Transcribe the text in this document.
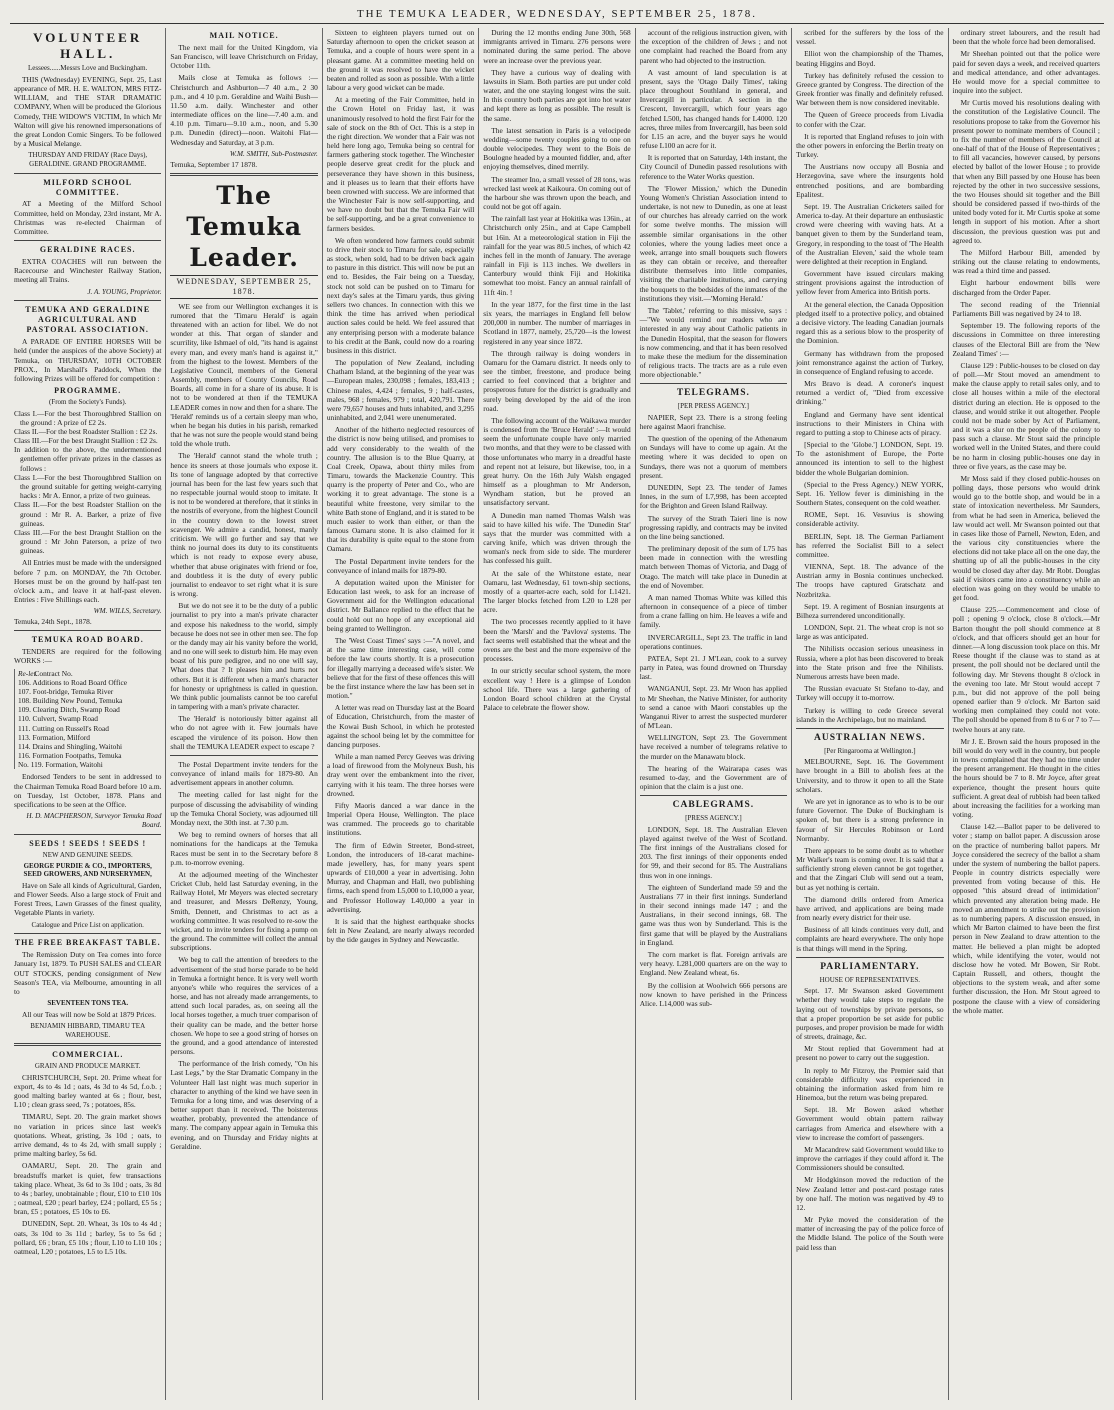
THE TEMUKA LEADER, WEDNESDAY, SEPTEMBER 25, 1878.
VOLUNTEER HALL.
Lessees......Messrs Love and Buckingham.

THIS (Wednesday) EVENING, Sept. 25, Last appearance of MR. H. E. WALTON, MRS FITZ-WILLIAM, and THE STAR DRAMATIC COMPANY, When will be produced the Glorious Comedy, THE WIDOW'S VICTIM, In which Mr Walton will give his renowned impersonations of the great London Comic Singers. To be followed by a Musical Melange.

THURSDAY AND FRIDAY (Race Days), GERALDINE. GRAND PROGRAMME.
MILFORD SCHOOL COMMITTEE.

AT a Meeting of the Milford School Committee, held on Monday, 23rd instant, Mr A. Christmas was re-elected Chairman of Committee.

GERALDINE RACES.

EXTRA COACHES will run between the Racecourse and Winchester Railway Station, meeting all Trains.

J. A. YOUNG, Proprietor.
TEMUKA AND GERALDINE AGRICULTURAL AND PASTORAL ASSOCIATION.

A PARADE OF ENTIRE HORSES Will be held (under the auspices of the above Society) at Temuka, on THURSDAY, 10TH OCTOBER PROX., In Marshall's Paddock, When the following Prizes will be offered for competition :

PROGRAMME.
(From the Society's Funds).
Class I.—For the best Thoroughbred Stallion on the ground : A prize of £2 2s.
Class II.—For the best Roadster Stallion : £2 2s.
Class III.—For the best Draught Stallion : £2 2s.
In addition to the above, the undermentioned gentlemen offer private prizes in the classes as follows :
Class I.—For the best Thoroughbred Stallion on the ground suitable for getting weight-carrying hacks : Mr A. Ennor, a prize of two guineas.
Class II.—For the best Roadster Stallion on the ground : Mr R. A. Barker, a prize of five guineas.
Class III.—For the best Draught Stallion on the ground : Mr John Paterson, a prize of two guineas.

All Entries must be made with the undersigned before 7 p.m. on MONDAY, the 7th October. Horses must be on the ground by half-past ten o'clock a.m., and leave it at half-past eleven. Entries : Five Shillings each.

WM. WILLS, Secretary.
Temuka, 24th Sept., 1878.
TEMUKA ROAD BOARD.

TENDERS are required for the following WORKS :—

Re-let.
Contract No.
106. Additions to Road Board Office
107. Foot-bridge, Temuka River
108. Building New Pound, Temuka
109. Clearing Ditch, Swamp Road
110. Culvert, Swamp Road
111. Cutting on Russell's Road
113. Formation, Milford
114. Drains and Shingling, Waitohi
116. Formation Footpaths, Temuka
No. 119. Formation, Waitohi

Endorsed Tenders to be sent in addressed to the Chairman Temuka Road Board before 10 a.m. on Tuesday, 1st October, 1878. Plans and specifications to be seen at the Office.

H. D. MACPHERSON, Surveyor Temuka Road Board.
SEEDS ! SEEDS ! SEEDS !
NEW AND GENUINE SEEDS.
GEORGE PURDIE & CO., IMPORTERS, SEED GROWERS, AND NURSERYMEN,

Have on Sale all kinds of Agricultural, Garden, and Flower Seeds. Also a large stock of Fruit and Forest Trees, Lawn Grasses of the finest quality, Vegetable Plants in variety.

Catalogue and Price List on application.
THE FREE BREAKFAST TABLE.

The Remission Duty on Tea comes into force January 1st, 1879. To PUSH SALES and CLEAR OUT STOCKS, pending consignment of New Season's TEA, via Melbourne, amounting in all to

SEVENTEEN TONS TEA.

All our Teas will now be Sold at 1879 Prices.

BENJAMIN HIBBARD, TIMARU TEA WAREHOUSE.
COMMERCIAL.
GRAIN AND PRODUCE MARKET.

CHRISTCHURCH, Sept. 20. Prime wheat for export, 4s to 4s 1d ; oats, 4s 3d to 4s 5d, f.o.b. ; good malting barley wanted at 6s ; flour, best, L10 ; clean grass seed, 7s ; potatoes, 85s.

TIMARU, Sept. 20. The grain market shows no variation in prices since last week's quotations. Wheat, gristing, 3s 10d ; oats, to arrive demand, 4s to 4s 2d, with small supply ; prime malting barley, 5s 6d.

OAMARU, Sept. 20. The grain and breadstuffs market is quiet, few transactions taking place. Wheat, 3s 6d to 3s 10d ; oats, 3s 8d to 4s ; barley, unobtainable ; flour, £10 to £10 10s ; oatmeal, £20 ; pearl barley, £24 ; pollard, £5 5s ; bran, £5 ; potatoes, £5 10s to £6.

DUNEDIN, Sept. 20. Wheat, 3s 10s to 4s 4d ; oats, 3s 10d to 3s 11d ; barley, 5s to 5s 6d ; pollard, £6 ; bran, £5 10s ; flour, L10 to L10 10s ; oatmeal, L20 ; potatoes, L5 to L5 10s.

MAIL NOTICE.

The next mail for the United Kingdom, via San Francisco, will leave Christchurch on Friday, October 11th.

Mails close at Temuka as follows :— Christchurch and Ashburton—7 40 a.m., 2 30 p.m., and 4 10 p.m. Geraldine and Waihi Bush—11.50 a.m. daily. Winchester and other intermediate offices on the line—7.40 a.m. and 4.10 p.m. Timaru—9.10 a.m., noon, and 5.30 p.m. Dunedin (direct)—noon. Waitohi Flat—Wednesday and Saturday, at 3 p.m.

W.M. SMITH, Sub-Postmaster.
Temuka, September 17 1878.
The Temuka Leader.
WEDNESDAY, SEPTEMBER 25, 1878.

WE see from our Wellington exchanges it is rumored that the 'Timaru Herald' is again threatened with an action for libel. We do not wonder at this. That organ of slander and scurrility, like Ishmael of old, "its hand is against every man, and every man's hand is against it," from the highest to the lowest. Members of the Legislative Council, members of the General Assembly, members of County Councils, Road Boards, all come in for a share of its abuse. It is not to be wondered at then if the TEMUKA LEADER comes in now and then for a share. The 'Herald' reminds us of a certain sleepy man who, when he began his duties in his parish, remarked that he was not sure the people would stand being told the whole truth.

The 'Herald' cannot stand the whole truth ; hence its sneers at those journals who expose it. Its tone of language adopted by that corrective journal has been for the last few years such that no respectable journal would stoop to imitate. It is not to be wondered at therefore, that it stinks in the nostrils of everyone, from the highest Council in the country down to the lowest street scavenger. We admire a candid, honest, manly criticism. We will go further and say that we think no journal does its duty to its constituents which is not ready to expose every abuse, whether that abuse originates with friend or foe, and doubtless it is the duty of every public journalist to endeavor to set right what it is sure is wrong.

But we do not see it to be the duty of a public journalist to pry into a man's private character and expose his nakedness to the world, simply because he does not see in other men see. The fop or the dandy may air his vanity before the world, and no one will seek to disturb him. He may even boast of his pure pedigree, and no one will say, What does that ? It pleases him and hurts not others. But it is different when a man's character for honesty or uprightness is called in question. We think public journalists cannot be too careful in tampering with a man's private character.

The 'Herald' is notoriously bitter against all who do not agree with it. Few journals have escaped the virulence of its poison. How then shall the TEMUKA LEADER expect to escape ?

The Postal Department invite tenders for the conveyance of inland mails for 1879-80. An advertisement appears in another column.

The meeting called for last night for the purpose of discussing the advisability of winding up the Temuka Choral Society, was adjourned till Monday next, the 30th inst. at 7.30 p.m.

We beg to remind owners of horses that all nominations for the handicaps at the Temuka Races must be sent in to the Secretary before 8 p.m. to-morrow evening.

At the adjourned meeting of the Winchester Cricket Club, held last Saturday evening, in the Railway Hotel, Mr Meyers was elected secretary and treasurer, and Messrs DeRenzy, Young, Smith, Dennett, and Christmas to act as a working committee. It was resolved to re-sow the wicket, and to invite tenders for fixing a pump on the ground. The committee will collect the annual subscriptions.

We beg to call the attention of breeders to the advertisement of the stud horse parade to be held in Temuka a fortnight hence. It is very well worth anyone's while who requires the services of a horse, and has not already made arrangements, to attend such local parades, as, on seeing all the local horses together, a much truer comparison of their quality can be made, and the better horse chosen. We hope to see a good string of horses on the ground, and a good attendance of interested persons.

The performance of the Irish comedy, "On his Last Legs," by the Star Dramatic Company in the Volunteer Hall last night was much superior in character to anything of the kind we have seen in Temuka for a long time, and was deserving of a better support than it received. The boisterous weather, probably, prevented the attendance of many. The company appear again in Temuka this evening, and on Thursday and Friday nights at Geraldine.

Sixteen to eighteen players turned out on Saturday afternoon to open the cricket season at Temuka, and a couple of hours were spent in a pleasant game. At a committee meeting held on the ground it was resolved to have the wicket beaten and rolled as soon as possible. With a little labour a very good wicket can be made.

At a meeting of the Fair Committee, held in the Crown Hotel on Friday last, it was unanimously resolved to hold the first Fair for the sale of stock on the 8th of Oct. This is a step in the right direction. We wonder that a Fair was not held here long ago, Temuka being so central for farmers gathering stock together. The Winchester people deserve great credit for the pluck and perseverance they have shown in this business, and it pleases us to learn that their efforts have been crowned with success. We are informed that the Winchester Fair is now self-supporting, and we have no doubt but that the Temuka Fair will be self-supporting, and be a great convenience to farmers besides.

We often wondered how farmers could submit to drive their stock to Timaru for sale, especially as stock, when sold, had to be driven back again to pasture in this district. This will now be put an end to. Besides, the Fair being on a Tuesday, stock not sold can be pushed on to Timaru for next day's sales at the Timaru yards, thus giving sellers two chances. In connection with this we think the time has arrived when periodical auction sales could be held. We feel assured that any enterprising person with a moderate balance to his credit at the Bank, could now do a roaring business in this district.

The population of New Zealand, including Chatham Island, at the beginning of the year was—European males, 230,098 ; females, 183,413 ; Chinese males, 4,424 ; females, 9 ; half-castes, males, 968 ; females, 979 ; total, 420,791. There were 79,657 houses and huts inhabited, and 3,295 uninhabited, and 2,041 were unenumerated.

Another of the hitherto neglected resources of the district is now being utilised, and promises to add very considerably to the wealth of the country. The allusion is to the Blue Quarry, at Coal Creek, Opawa, about thirty miles from Timaru, towards the Mackenzie Country. This quarry is the property of Peter and Co., who are working it to great advantage. The stone is a beautiful white freestone, very similar to the white Bath stone of England, and it is stated to be much easier to work than either, or than the famous Oamaru stone. It is also claimed for it that its durability is quite equal to the stone from Oamaru.

The Postal Department invite tenders for the conveyance of inland mails for 1879-80.

A deputation waited upon the Minister for Education last week, to ask for an increase of Government aid for the Wellington educational district. Mr Ballance replied to the effect that he could hold out no hope of any exceptional aid being granted to Wellington.

The 'West Coast Times' says :—"A novel, and at the same time interesting case, will come before the law courts shortly. It is a prosecution for illegally marrying a deceased wife's sister. We believe that for the first of these offences this will be the first instance where the law has been set in motion."

A letter was read on Thursday last at the Board of Education, Christchurch, from the master of the Kowai Bush School, in which he protested against the school being let by the committee for dancing purposes.

While a man named Percy Geeves was driving a load of firewood from the Molyneux Bush, his dray went over the embankment into the river, carrying with it his team. The three horses were drowned.

Fifty Maoris danced a war dance in the Imperial Opera House, Wellington. The place was crammed. The proceeds go to charitable institutions.

The firm of Edwin Streeter, Bond-street, London, the introducers of 18-carat machine-made jewellery, has, for many years spent upwards of £10,000 a year in advertising. John Murray, and Chapman and Hall, two publishing firms, each spend from L5,000 to L10,000 a year, and Professor Holloway L40,000 a year in advertising.

It is said that the highest earthquake shocks felt in New Zealand, are nearly always recorded by the tide gauges in Sydney and Newcastle.

During the 12 months ending June 30th, 568 immigrants arrived in Timaru. 276 persons were nominated during the same period. The above were an increase over the previous year.

They have a curious way of dealing with lawsuits in Siam. Both parties are put under cold water, and the one staying longest wins the suit. In this country both parties are got into hot water and kept there as long as possible. The result is the same.

The latest sensation in Paris is a velocipede wedding—some twenty couples going to one on double velocipedes. They went to the Bois de Boulogne headed by a mounted fiddler, and, after enjoying themselves, dined merrily.

The steamer Ino, a small vessel of 28 tons, was wrecked last week at Kaikoura. On coming out of the harbour she was thrown upon the beach, and could not be got off again.

The rainfall last year at Hokitika was 136in., at Christchurch only 25in., and at Cape Campbell but 16in. At a meteorological station in Fiji the rainfall for the year was 80.5 inches, of which 42 inches fell in the month of January. The average rainfall in Fiji is 113 inches. We dwellers in Canterbury would think Fiji and Hokitika somewhat too moist. Fancy an annual rainfall of 11ft 4in. !

In the year 1877, for the first time in the last six years, the marriages in England fell below 200,000 in number. The number of marriages in Scotland in 1877, namely, 25,720—is the lowest registered in any year since 1872.

The through railway is doing wonders in Oamaru for the Oamaru district. It needs only to see the timber, freestone, and produce being carried to feel convinced that a brighter and prosperous future for the district is gradually and surely being developed by the aid of the iron road.

The following account of the Waikawa murder is condensed from the 'Bruce Herald' :—It would seem the unfortunate couple have only married two months, and that they were to be classed with those unfortunates who marry in a dreadful haste and repent not at leisure, but likewise, too, in a great hurry. On the 16th July Walsh engaged himself as a ploughman to Mr Anderson, Wyndham station, but he proved an unsatisfactory servant.

A Dunedin man named Thomas Walsh was said to have killed his wife. The 'Dunedin Star' says that the murder was committed with a carving knife, which was driven through the woman's neck from side to side. The murderer has confessed his guilt.

At the sale of the Whitstone estate, near Oamaru, last Wednesday, 61 town-ship sections, mostly of a quarter-acre each, sold for L1421. The larger blocks fetched from L20 to L28 per acre.

The two processes recently applied to it have been the 'Marsh' and the 'Pavlova' systems. The fact seems well established that the wheat and the ovens are the best and the more expensive of the processes.

In our strictly secular school system, the more excellent way ! Here is a glimpse of London school life. There was a large gathering of London Board school children at the Crystal Palace to celebrate the flower show.

account of the religious instruction given, with the exception of the children of Jews ; and not one complaint had reached the Board from any parent who had objected to the instruction.

A vast amount of land speculation is at present, says the 'Otago Daily Times', taking place throughout Southland in general, and Invercargill in particular. A section in the Crescent, Invercargill, which four years ago fetched L500, has changed hands for L4000. 120 acres, three miles from Invercargill, has been sold for L15 an acre, and the buyer says he would refuse L100 an acre for it.

It is reported that on Saturday, 14th instant, the City Council of Dunedin passed resolutions with reference to the Water Works question.

The 'Flower Mission,' which the Dunedin Young Women's Christian Association intend to undertake, is not new to Dunedin, as one at least of our churches has already carried on the work for some twelve months. The mission will assemble similar organisations in the other colonies, where the young ladies meet once a week, arrange into small bouquets such flowers as they can obtain or receive, and thereafter distribute themselves into little companies, visiting the charitable institutions, and carrying the bouquets to the bedsides of the inmates of the institutions they visit.—'Morning Herald.'

The 'Tablet,' referring to this missive, says :—"We would remind our readers who are interested in any way about Catholic patients in the Dunedin Hospital, that the season for flowers is now commencing, and that it has been resolved to make these the medium for the dissemination of religious tracts. The tracts are as a rule even more objectionable."

TELEGRAMS.
[PER PRESS AGENCY.]

NAPIER, Sept 23. There is a strong feeling here against Maori franchise.

The question of the opening of the Athenæum on Sundays will have to come up again. At the meeting where it was decided to open on Sundays, there was not a quorum of members present.

DUNEDIN, Sept 23. The tender of James Innes, in the sum of L7,998, has been accepted for the Brighton and Green Island Railway.

The survey of the Strath Taieri line is now progressing rapidly, and contracts may be invited on the line being sanctioned.

The preliminary deposit of the sum of L75 has been made in connection with the wrestling match between Thomas of Victoria, and Dagg of Otago. The match will take place in Dunedin at the end of November.

A man named Thomas White was killed this afternoon in consequence of a piece of timber from a crane falling on him. He leaves a wife and family.

INVERCARGILL, Sept 23. The traffic in land operations continues.

PATEA, Sept 21. J M'Lean, cook to a survey party in Patea, was found drowned on Thursday last.

WANGANUI, Sept. 23. Mr Woon has applied to Mr Sheehan, the Native Minister, for authority to send a canoe with Maori constables up the Wanganui River to arrest the suspected murderer of M'Lean.

WELLINGTON, Sept 23. The Government have received a number of telegrams relative to the murder on the Manawatu block.

The hearing of the Wairarapa cases was resumed to-day, and the Government are of opinion that the claim is a just one.

CABLEGRAMS.
[PRESS AGENCY.]

LONDON, Sept. 18. The Australian Eleven played against twelve of the West of Scotland. The first innings of the Australians closed for 203. The first innings of their opponents ended for 99, and their second for 85. The Australians thus won in one innings.

The eighteen of Sunderland made 59 and the Australians 77 in their first innings. Sunderland in their second innings made 147 ; and the Australians, in their second innings, 68. The game was thus won by Sunderland. This is the first game that will be played by the Australians in England.

The corn market is flat. Foreign arrivals are very heavy. L281,000 quarters are on the way to England. New Zealand wheat, 6s.

By the collision at Woolwich 666 persons are now known to have perished in the Princess Alice. L14,000 was sub-

scribed for the sufferers by the loss of the vessel.

Elliot won the championship of the Thames, beating Higgins and Boyd.

Turkey has definitely refused the cession to Greece granted by Congress. The direction of the Greek frontier was finally and definitely refused. War between them is now considered inevitable.

The Queen of Greece proceeds from Livadia to confer with the Czar.

It is reported that England refuses to join with the other powers in enforcing the Berlin treaty on Turkey.

The Austrians now occupy all Bosnia and Herzegovina, save where the insurgents hold entrenched positions, and are bombarding Epalitest.

Sept. 19. The Australian Cricketers sailed for America to-day. At their departure an enthusiastic crowd were cheering with waving hats. At a banquet given to them by the Sunderland team, Gregory, in responding to the toast of 'The Health of the Australian Eleven,' said the whole team were delighted at their reception in England.

Government have issued circulars making stringent provisions against the introduction of yellow fever from America into British ports.

At the general election, the Canada Opposition pledged itself to a protective policy, and obtained a decisive victory. The leading Canadian journals regard this as a serious blow to the prosperity of the Dominion.

Germany has withdrawn from the proposed joint remonstrance against the action of Turkey, in consequence of England refusing to accede.

Mrs Bravo is dead. A coroner's inquest returned a verdict of, "Died from excessive drinking."

England and Germany have sent identical instructions to their Ministers in China with regard to putting a stop to Chinese acts of piracy.

[Special to the 'Globe.'] LONDON, Sept. 19. To the astonishment of Europe, the Porte announced its intention to sell to the highest bidder the whole Bulgarian dominion.

(Special to the Press Agency.) NEW YORK, Sept. 16. Yellow fever is diminishing in the Southern States, consequent on the cold weather.

ROME, Sept. 16. Vesuvius is showing considerable activity.

BERLIN, Sept. 18. The German Parliament has referred the Socialist Bill to a select committee.

VIENNA, Sept. 18. The advance of the Austrian army in Bosnia continues unchecked. The troops have captured Gratschatz and Nozbritzka.

Sept. 19. A regiment of Bosnian insurgents at Bilheza surrendered unconditionally.

LONDON, Sept. 21. The wheat crop is not so large as was anticipated.

The Nihilists occasion serious uneasiness in Russia, where a plot has been discovered to break into the State prison and free the Nihilists. Numerous arrests have been made.

The Russian evacuate St Stefano to-day, and Turkey will occupy it to-morrow.

Turkey is willing to cede Greece several islands in the Archipelago, but no mainland.

AUSTRALIAN NEWS.
[Per Ringarooma at Wellington.]

MELBOURNE, Sept. 16. The Government have brought in a Bill to abolish fees at the University, and to throw it open to all the State scholars.

We are yet in ignorance as to who is to be our future Governor. The Duke of Buckingham is spoken of, but there is a strong preference in favour of Sir Hercules Robinson or Lord Normanby.

There appears to be some doubt as to whether Mr Walker's team is coming over. It is said that a sufficiently strong eleven cannot be got together, and that the Zingari Club will send out a team, but as yet nothing is certain.

The diamond drills ordered from America have arrived, and applications are being made from nearly every district for their use.

Business of all kinds continues very dull, and complaints are heard everywhere. The only hope is that things will mend in the Spring.

PARLIAMENTARY.
HOUSE OF REPRESENTATIVES.

Sept. 17. Mr Swanson asked Government whether they would take steps to regulate the laying out of townships by private persons, so that a proper proportion be set aside for public purposes, and proper provision be made for width of streets, drainage, &c.

Mr Stout replied that Government had at present no power to carry out the suggestion.

In reply to Mr Fitzroy, the Premier said that considerable difficulty was experienced in obtaining the information asked from him re Hinemoa, but the return was being prepared.

Sept. 18. Mr Bowen asked whether Government would obtain pattern railway carriages from America and elsewhere with a view to increase the comfort of passengers.

Mr Macandrew said Government would like to improve the carriages if they could afford it. The Commissioners should be consulted.

Mr Hodgkinson moved the reduction of the New Zealand letter and post-card postage rates by one half. The motion was negatived by 49 to 12.

Mr Pyke moved the consideration of the matter of increasing the pay of the police force of the Middle Island. The police of the South were paid less than

ordinary street labourers, and the result had been that the whole force had been demoralised.

Mr Sheehan pointed out that the police were paid for seven days a week, and received quarters and medical attendance, and other advantages. He would move for a special committee to inquire into the subject.

Mr Curtis moved his resolutions dealing with the constitution of the Legislative Council. The resolutions propose to take from the Governor his present power to nominate members of Council ; to fix the number of members of the Council at one-half of that of the House of Representatives ; to fill all vacancies, however caused, by persons elected by ballot of the lower House ; to provide that when any Bill passed by one House has been rejected by the other in two successive sessions, the two Houses should sit together and the Bill should be considered passed if two-thirds of the united body voted for it. Mr Curtis spoke at some length in support of his motion. After a short discussion, the previous question was put and agreed to.

The Milford Harbour Bill, amended by striking out the clause relating to endowments, was read a third time and passed.

Eight harbour endowment bills were discharged from the Order Paper.

The second reading of the Triennial Parliaments Bill was negatived by 24 to 18.

September 19. The following reports of the discussions in Committee on three interesting clauses of the Electoral Bill are from the 'New Zealand Times' :—

Clause 129 : Public-houses to be closed on day of poll.—Mr Stout moved an amendment to make the clause apply to retail sales only, and to close all houses within a mile of the electoral district during an election. He is opposed to the clause, and would strike it out altogether. People could not be made sober by Act of Parliament, and it was a slur on the people of the colony to pass such a clause. Mr Stout said the principle worked well in the United States, and there could be no harm in closing public-houses one day in three or five years, as the case may be.

Mr Moss said if they closed public-houses on polling days, those persons who would drink would go to the bottle shop, and would be in a state of intoxication nevertheless. Mr Saunders, from what he had seen in America, believed the law would act well. Mr Swanson pointed out that in cases like those of Parnell, Newton, Eden, and the various city constituencies where the elections did not take place all on the one day, the shutting up of all the public-houses in the city would be closed day after day. Mr Robt. Douglas said if visitors came into a constituency while an election was going on they would be unable to get food.

Clause 225.—Commencement and close of poll ; opening 9 o'clock, close 8 o'clock.—Mr Barton thought the poll should commence at 8 o'clock, and that officers should get an hour for dinner.—A long discussion took place on this. Mr Reese thought if the clause was to stand as at present, the poll should not be declared until the following day. Mr Stevens thought 8 o'clock in the evening too late. Mr Stout would accept 7 p.m., but did not approve of the poll being opened earlier than 9 o'clock. Mr Barton said working men complained they could not vote. The poll should be opened from 8 to 6 or 7 to 7—twelve hours at any rate.

Mr J. E. Brown said the hours proposed in the bill would do very well in the country, but people in towns complained that they had no time under the present arrangement. He thought in the cities the hours should be 7 to 8. Mr Joyce, after great experience, thought the present hours quite sufficient. A great deal of rubbish had been talked about increasing the facilities for a working man voting.

Clause 142.—Ballot paper to be delivered to voter ; stamp on ballot paper. A discussion arose on the practice of numbering ballot papers. Mr Joyce considered the secrecy of the ballot a sham under the system of numbering the ballot papers. People in country districts especially were prevented from voting because of this. He opposed "this absurd dread of intimidation" which prevented any alteration being made. He moved an amendment to strike out the provision as to numbering papers. A discussion ensued, in which Mr Barton claimed to have been the first person in New Zealand to draw attention to the matter. He believed a plan might be adopted which, while identifying the voter, would not disclose how he voted. Mr Bowen, Sir Robt. Captain Russell, and others, thought the objections to the system weak, and after some further discussion, the Hon. Mr Stout agreed to postpone the clause with a view of considering the whole matter.
